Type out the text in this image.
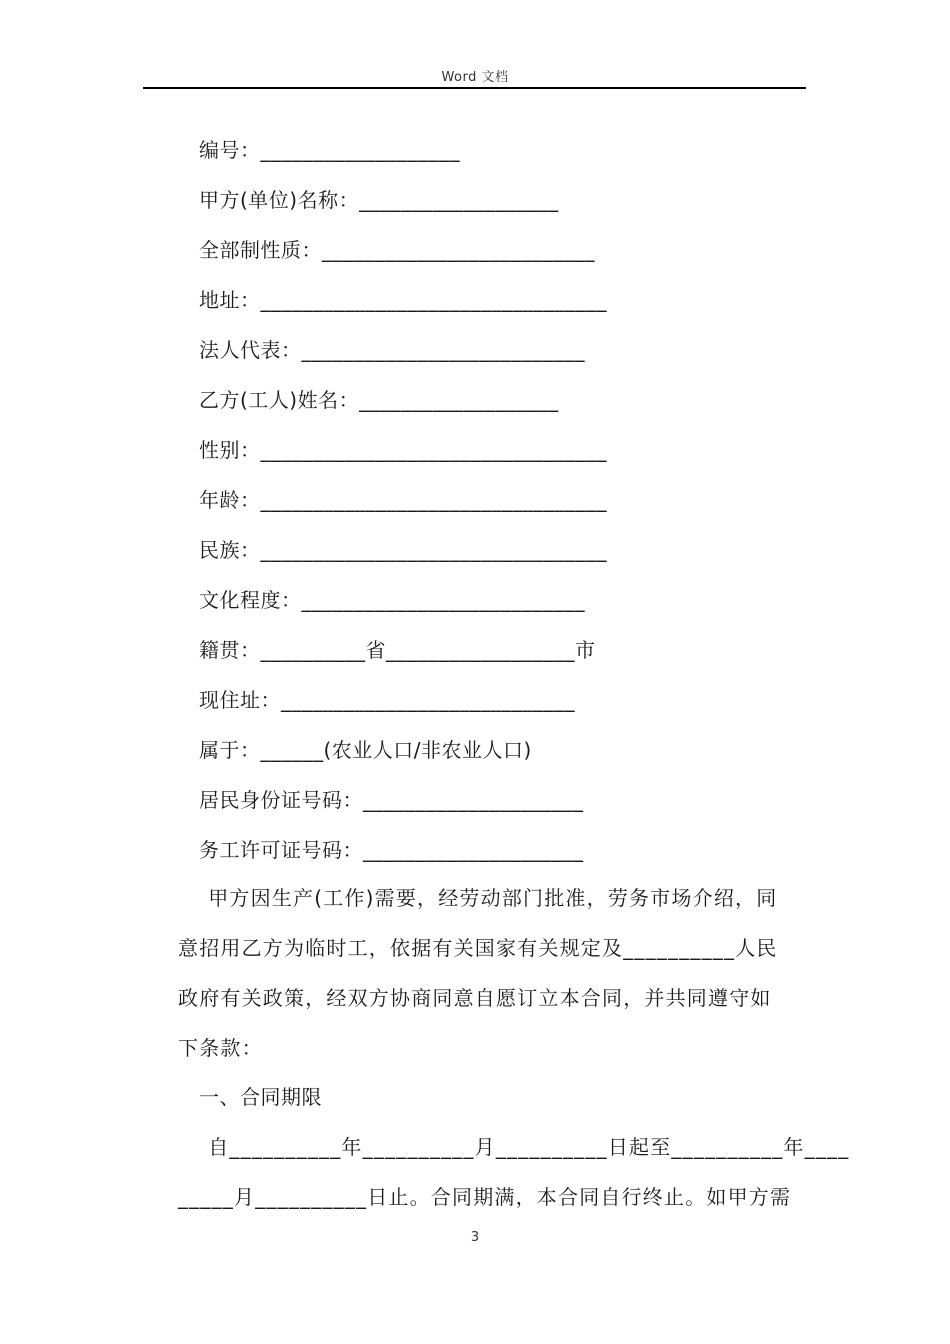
Word 文档
编号：___________________
甲方(单位)名称：___________________
全部制性质：__________________________
地址：_________________________________
法人代表：___________________________
乙方(工人)姓名：___________________
性别：_________________________________
年龄：_________________________________
民族：_________________________________
文化程度：___________________________
籍贯：__________省__________________市
现住址：____________________________
属于：______(农业人口/非农业人口)
居民身份证号码：_____________________
务工许可证号码：_____________________
甲方因生产(工作)需要，经劳动部门批准，劳务市场介绍，同
意招用乙方为临时工，依据有关国家有关规定及__________人民
政府有关政策，经双方协商同意自愿订立本合同，并共同遵守如
下条款：
一、合同期限
自__________年__________月__________日起至__________年____
_____月__________日止。合同期满，本合同自行终止。如甲方需
3
